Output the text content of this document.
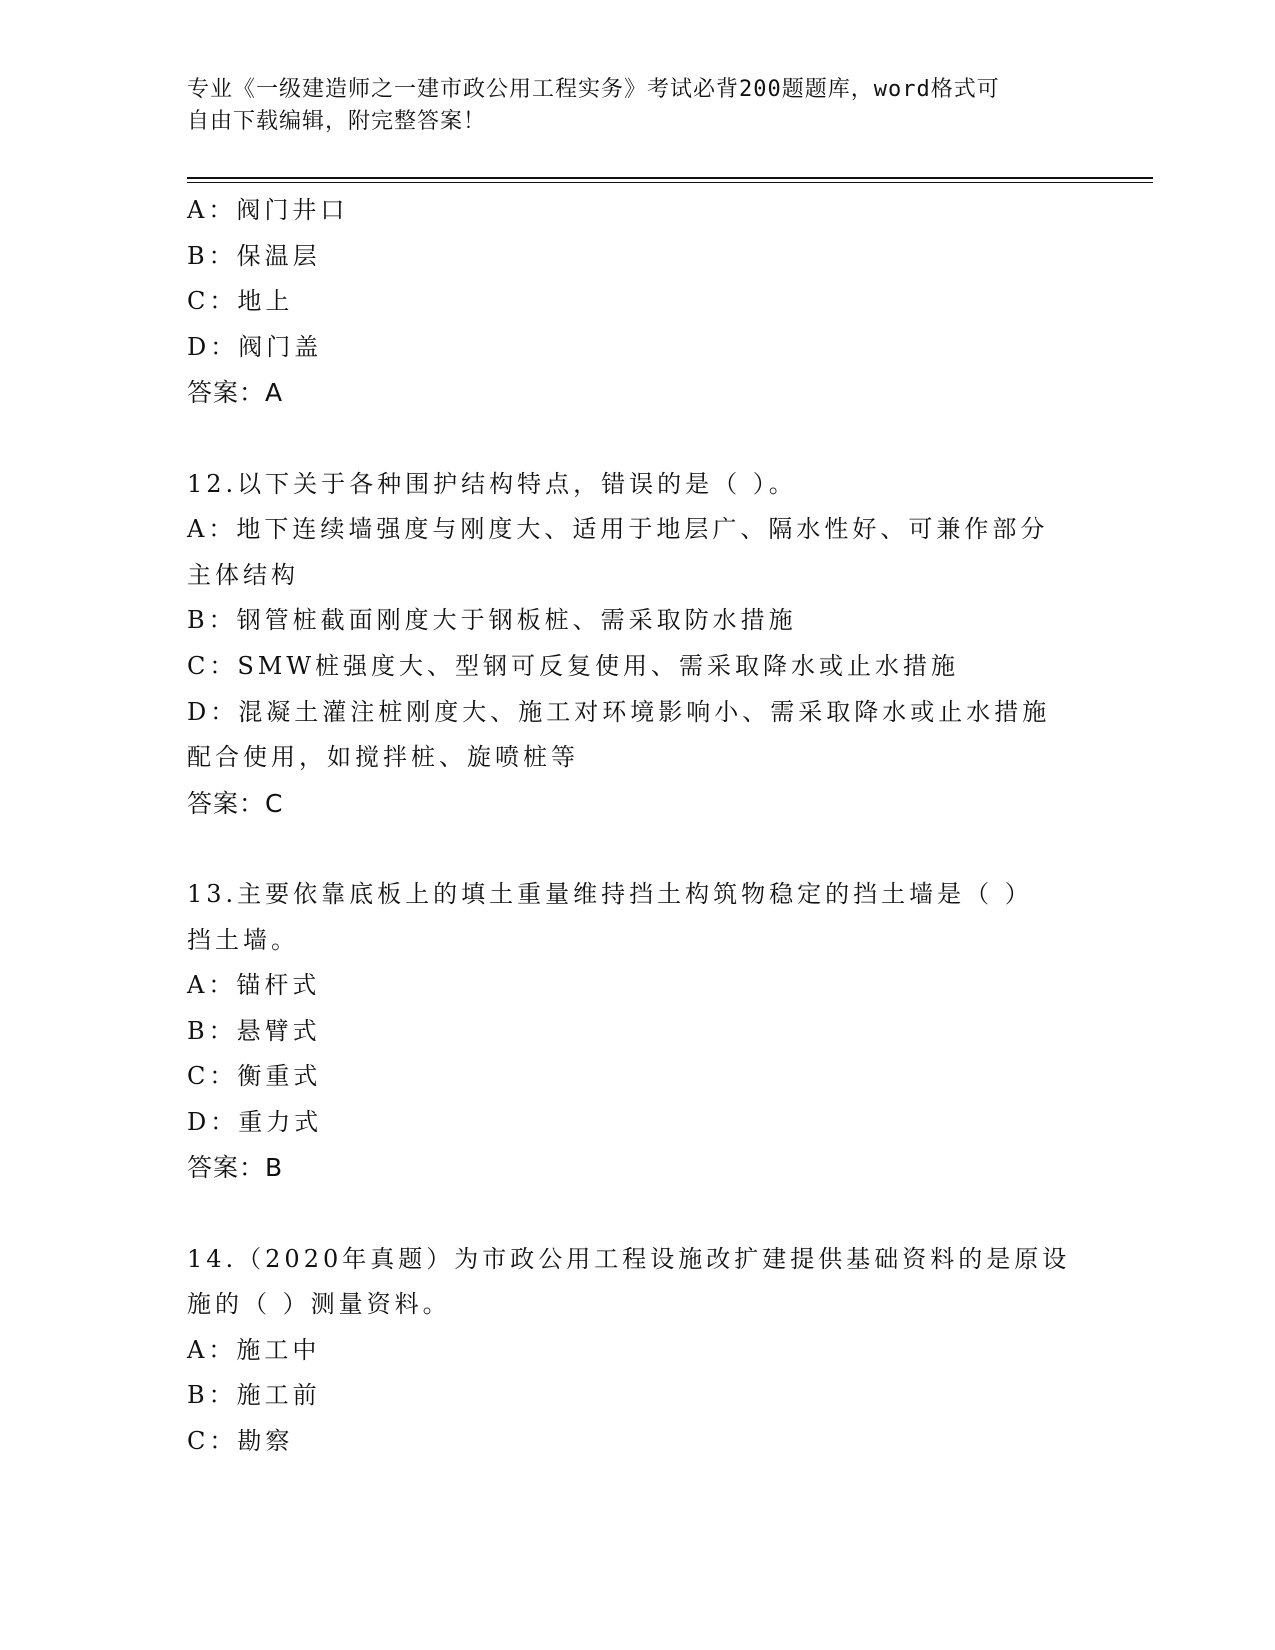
专业《一级建造师之一建市政公用工程实务》考试必背200题题库，word格式可
自由下载编辑，附完整答案！
A：阀门井口
B：保温层
C：地上
D：阀门盖
答案：A
12.以下关于各种围护结构特点，错误的是（ ）。
A：地下连续墙强度与刚度大、适用于地层广、隔水性好、可兼作部分
主体结构
B：钢管桩截面刚度大于钢板桩、需采取防水措施
C：SMW桩强度大、型钢可反复使用、需采取降水或止水措施
D：混凝土灌注桩刚度大、施工对环境影响小、需采取降水或止水措施
配合使用，如搅拌桩、旋喷桩等
答案：C
13.主要依靠底板上的填土重量维持挡土构筑物稳定的挡土墙是（ ）
挡土墙。
A：锚杆式
B：悬臂式
C：衡重式
D：重力式
答案：B
14.（2020年真题）为市政公用工程设施改扩建提供基础资料的是原设
施的（ ）测量资料。
A：施工中
B：施工前
C：勘察
